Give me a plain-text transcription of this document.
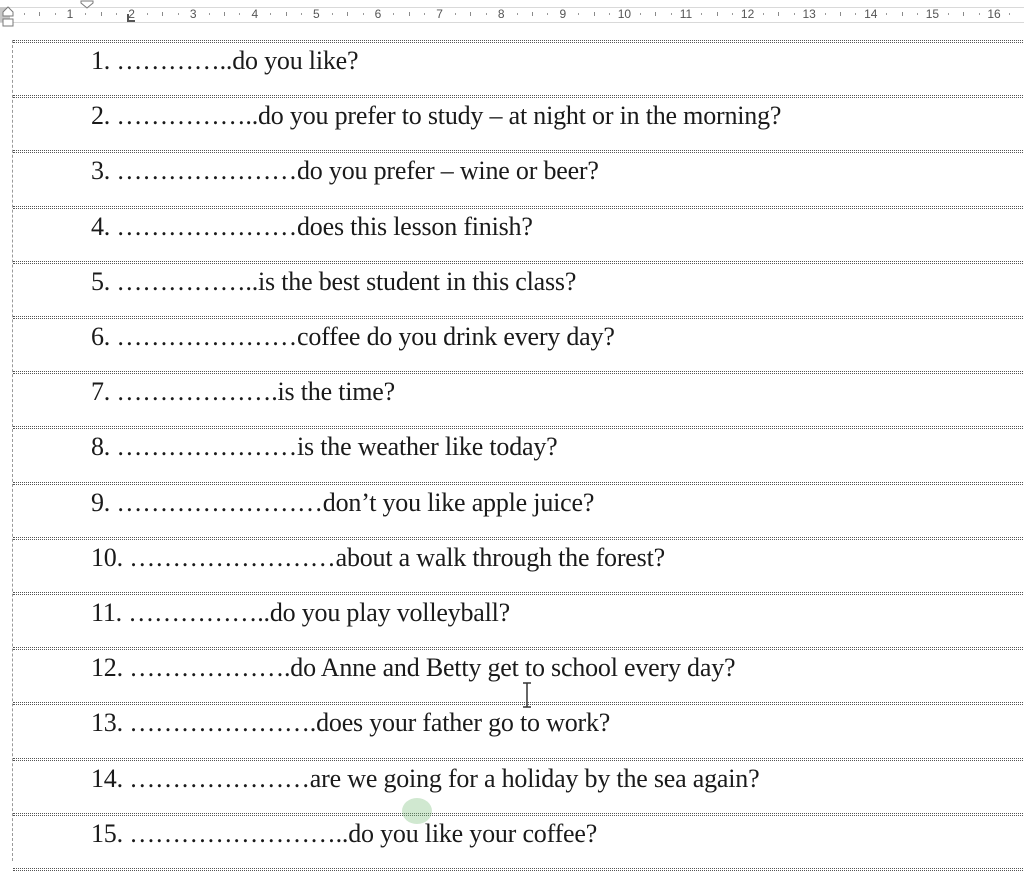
1	2	3	4	5	6	7	8	9	10	11	12	13	14	15	16
1. …………..do you like?
2. ……………..do you prefer to study – at night or in the morning?
3. …………………do you prefer – wine or beer?
4. …………………does this lesson finish?
5. ……………..is the best student in this class?
6. …………………coffee do you drink every day?
7. ……………….is the time?
8. …………………is the weather like today?
9. ……………………don’t you like apple juice?
10. ……………………about a walk through the forest?
11. ……………..do you play volleyball?
12. ……………….do Anne and Betty get to school every day?
13. ………………….does your father go to work?
14. …………………are we going for a holiday by the sea again?
15. ……………………..do you like your coffee?
